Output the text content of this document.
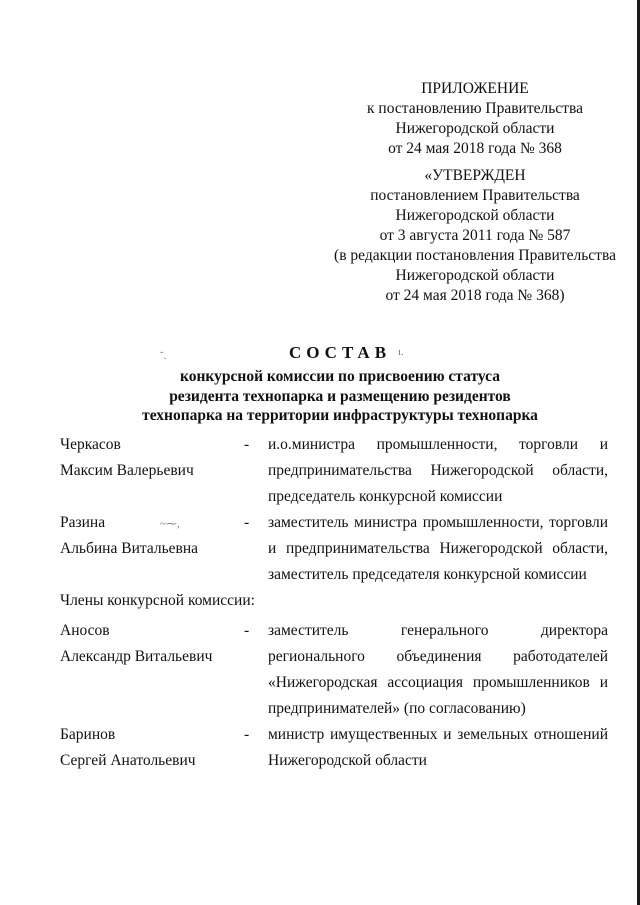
ПРИЛОЖЕНИЕ
к постановлению Правительства
Нижегородской области
от 24 мая 2018 года № 368
«УТВЕРЖДЕН
постановлением Правительства
Нижегородской области
от 3 августа 2011 года № 587
(в редакции постановления Правительства
Нижегородской области
от 24 мая 2018 года № 368)
СОСТАВ
конкурсной комиссии по присвоению статуса
резидента технопарка и размещению резидентов
технопарка на территории инфраструктуры технопарка
˘.	ı.
~⁓,
Черкасов
Максим Валерьевич
- и.о.министра промышленности, торговли и
предпринимательства Нижегородской области,
председатель конкурсной комиссии
Разина
Альбина Витальевна
- заместитель министра промышленности, торговли
и предпринимательства Нижегородской области,
заместитель председателя конкурсной комиссии
Члены конкурсной комиссии:
Аносов
Александр Витальевич
- заместитель генерального директора
регионального объединения работодателей
«Нижегородская ассоциация промышленников и
предпринимателей» (по согласованию)
Баринов
Сергей Анатольевич
- министр имущественных и земельных отношений
Нижегородской области
